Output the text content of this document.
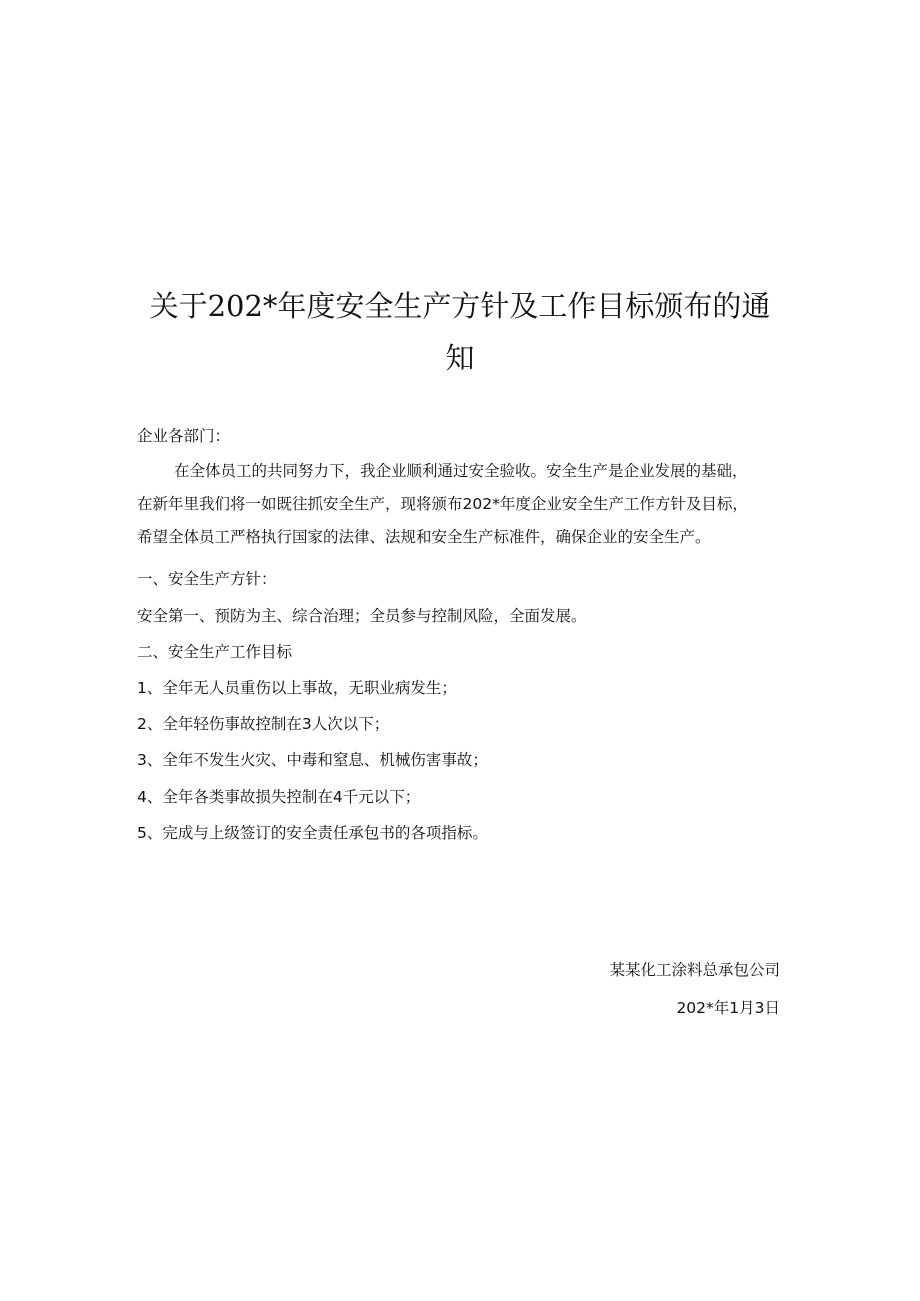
关于202*年度安全生产方针及工作目标颁布的通
知

企业各部门：

在全体员工的共同努力下，我企业顺利通过安全验收。安全生产是企业发展的基础，
在新年里我们将一如既往抓安全生产，现将颁布202*年度企业安全生产工作方针及目标，
希望全体员工严格执行国家的法律、法规和安全生产标准件，确保企业的安全生产。

一、安全生产方针：

安全第一、预防为主、综合治理；全员参与控制风险，全面发展。

二、安全生产工作目标

1、全年无人员重伤以上事故，无职业病发生；

2、全年轻伤事故控制在3人次以下；

3、全年不发生火灾、中毒和窒息、机械伤害事故；

4、全年各类事故损失控制在4千元以下；

5、完成与上级签订的安全责任承包书的各项指标。

某某化工涂料总承包公司

202*年1月3日
